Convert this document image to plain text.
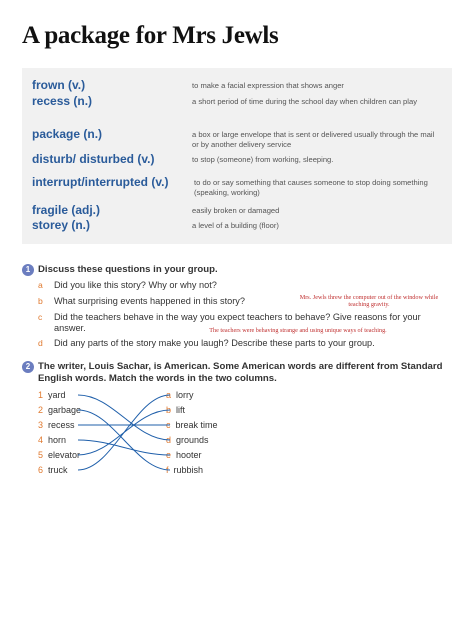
A package for Mrs Jewls
frown (v.)	to make a facial expression that shows anger
recess (n.)	a short period of time during the school day when children can play
package (n.)	a box or large envelope that is sent or delivered usually through the mail or by another delivery service
disturb/ disturbed (v.)	to stop (someone) from working, sleeping.
interrupt/interrupted (v.)	to do or say something that causes someone to stop doing something (speaking, working)
fragile (adj.)	easily broken or damaged
storey (n.)	a level of a building (floor)
1 Discuss these questions in your group.
a Did you like this story? Why or why not?
b What surprising events happened in this story?
c Did the teachers behave in the way you expect teachers to behave? Give reasons for your answer.
d Did any parts of the story make you laugh? Describe these parts to your group.
Mrs. Jewls threw the computer out of the window while teaching gravity.
The teachers were behaving strange and using unique ways of teaching.
2 The writer, Louis Sachar, is American. Some American words are different from Standard English words. Match the words in the two columns.
1 yard
2 garbage
3 recess
4 horn
5 elevator
6 truck
a lorry
b lift
c break time
d grounds
e hooter
f rubbish
